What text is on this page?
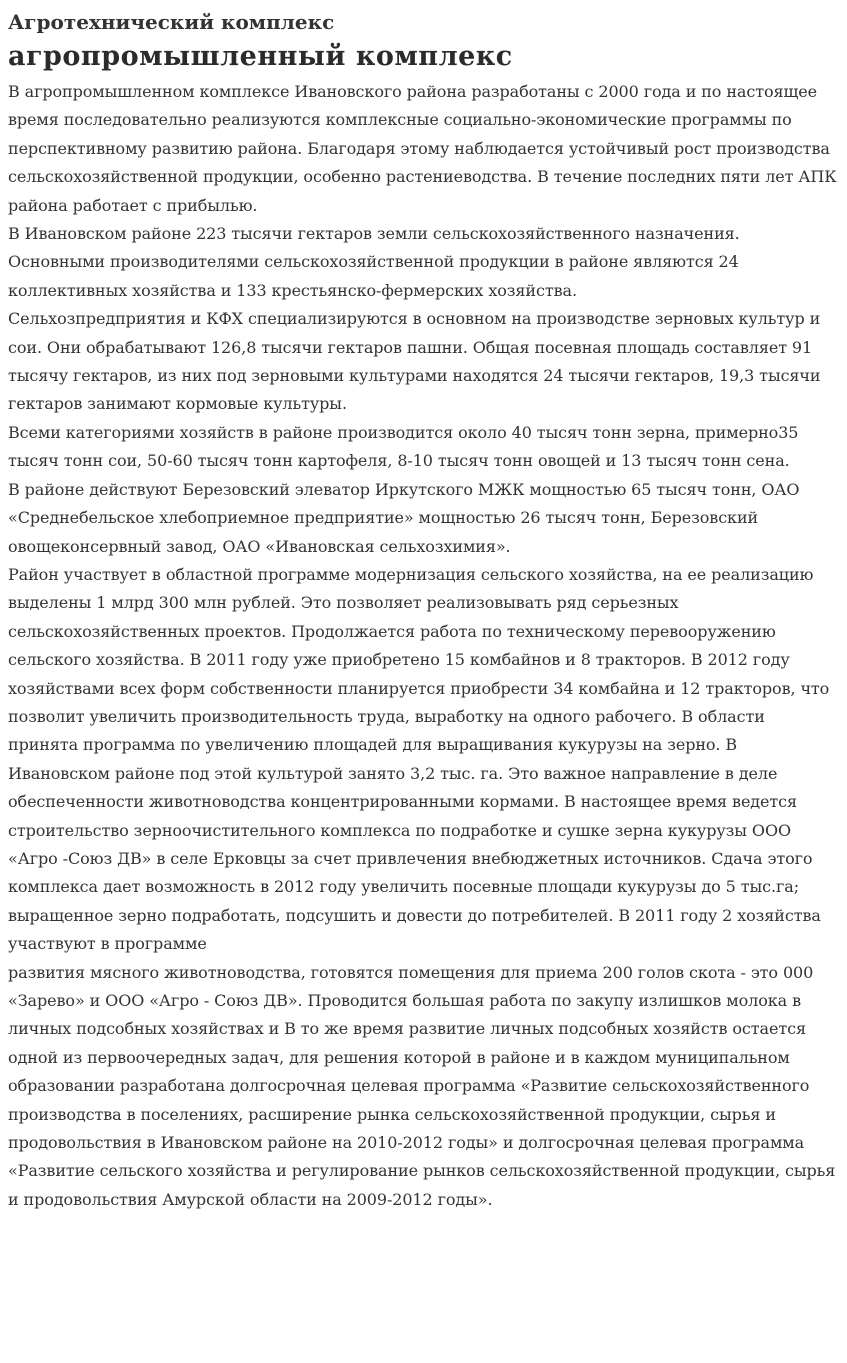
Агротехнический комплекс
агропромышленный комплекс

В агропромышленном комплексе Ивановского района разработаны с 2000 года и по настоящее время последовательно реализуются комплексные социально-экономические программы по перспективному развитию района. Благодаря этому наблюдается устойчивый рост производства сельскохозяйственной продукции, особенно растениеводства. В течение последних пяти лет АПК района работает с прибылью.

В Ивановском районе 223 тысячи гектаров земли сельскохозяйственного назначения. Основными производителями сельскохозяйственной продукции в районе являются 24 коллективных хозяйства и 133 крестьянско-фермерских хозяйства.

Сельхозпредприятия и КФХ специализируются в основном на производстве зерновых культур и сои. Они обрабатывают 126,8 тысячи гектаров пашни. Общая посевная площадь составляет 91 тысячу гектаров, из них под зерновыми культурами находятся 24 тысячи гектаров, 19,3 тысячи гектаров занимают кормовые культуры.

Всеми категориями хозяйств в районе производится около 40 тысяч тонн зерна, примерно35 тысяч тонн сои, 50-60 тысяч тонн картофеля, 8-10 тысяч тонн овощей и 13 тысяч тонн сена.

В районе действуют Березовский элеватор Иркутского МЖК мощностью 65 тысяч тонн, ОАО «Среднебельское хлебоприемное предприятие» мощностью 26 тысяч тонн, Березовский овощеконсервный завод, ОАО «Ивановская сельхозхимия».

Район участвует в областной программе модернизация сельского хозяйства, на ее реализацию выделены 1 млрд 300 млн рублей. Это позволяет реализовывать ряд серьезных сельскохозяйственных проектов. Продолжается работа по техническому перевооружению сельского хозяйства. В 2011 году уже приобретено 15 комбайнов и 8 тракторов. В 2012 году хозяйствами всех форм собственности планируется приобрести 34 комбайна и 12 тракторов, что позволит увеличить производительность труда, выработку на одного рабочего. В области принята программа по увеличению площадей для выращивания кукурузы на зерно. В Ивановском районе под этой культурой занято 3,2 тыс. га. Это важное направление в деле обеспеченности животноводства концентрированными кормами. В настоящее время ведется строительство зерноочистительного комплекса по подработке и сушке зерна кукурузы ООО «Агро -Союз ДВ» в селе Ерковцы за счет привлечения внебюджетных источников. Сдача этого комплекса дает возможность в 2012 году увеличить посевные площади кукурузы до 5 тыс.га; выращенное зерно подработать, подсушить и довести до потребителей. В 2011 году 2 хозяйства участвуют в программе

развития мясного животноводства, готовятся помещения для приема 200 голов скота - это 000 «Зарево» и ООО «Агро - Союз ДВ». Проводится большая работа по закупу излишков молока в личных подсобных хозяйствах и В то же время развитие личных подсобных хозяйств остается одной из первоочередных задач, для решения которой в районе и в каждом муниципальном образовании разработана долгосрочная целевая программа «Развитие сельскохозяйственного производства в поселениях, расширение рынка сельскохозяйственной продукции, сырья и продовольствия в Ивановском районе на 2010-2012 годы» и долгосрочная целевая программа «Развитие сельского хозяйства и регулирование рынков сельскохозяйственной продукции, сырья и продовольствия Амурской области на 2009-2012 годы».
